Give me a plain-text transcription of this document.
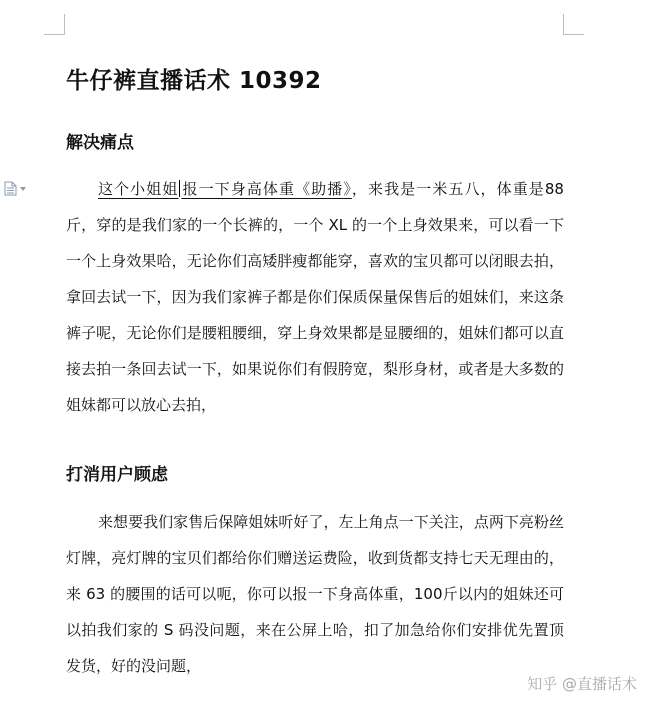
牛仔裤直播话术 10392
解决痛点

这个小姐姐 报一下身高体重《助播》，来我是一米五八，体重是88 斤，穿的是我们家的一个长裤的，一个 XL 的一个上身效果来，可以看一下一个上身效果哈，无论你们高矮胖瘦都能穿，喜欢的宝贝都可以闭眼去拍，拿回去试一下，因为我们家裤子都是你们保质保量保售后的姐妹们，来这条裤子呢，无论你们是腰粗腰细，穿上身效果都是显腰细的，姐妹们都可以直接去拍一条回去试一下，如果说你们有假胯宽，梨形身材，或者是大多数的姐妹都可以放心去拍，

打消用户顾虑

来想要我们家售后保障姐妹听好了，左上角点一下关注，点两下亮粉丝灯牌，亮灯牌的宝贝们都给你们赠送运费险，收到货都支持七天无理由的，来 63 的腰围的话可以呃，你可以报一下身高体重，100斤以内的姐妹还可以拍我们家的 S 码没问题，来在公屏上哈，扣了加急给你们安排优先置顶发货，好的没问题，

知乎 @直播话术
